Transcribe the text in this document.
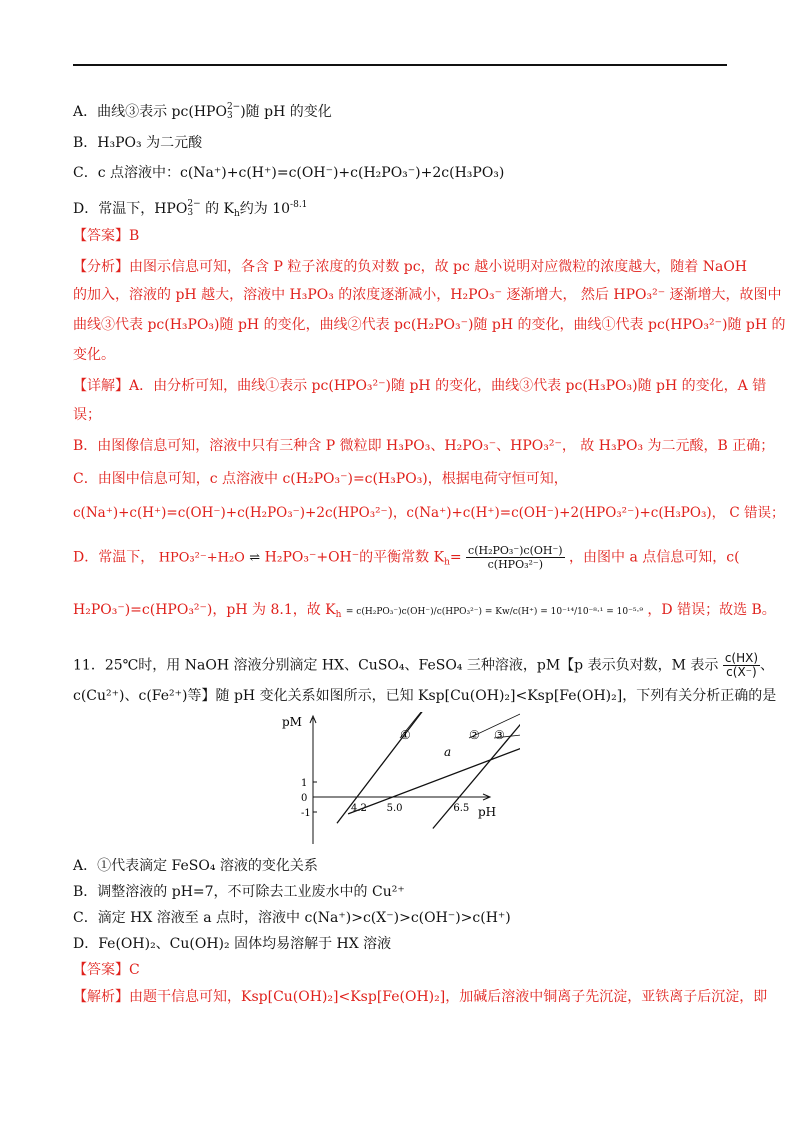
A．曲线③表示 pc(HPO2−
3 )随 pH 的变化
B．H₃PO₃ 为二元酸
C．c 点溶液中：c(Na⁺)+c(H⁺)=c(OH⁻)+c(H₂PO₃⁻)+2c(H₃PO₃)
D．常温下，HPO2−
3 的 $K_h$约为 $10^{-8.1}$
【答案】B
【分析】由图示信息可知，各含 P 粒子浓度的负对数 pc，故 pc 越小说明对应微粒的浓度越大，随着 NaOH
的加入，溶液的 pH 越大，溶液中 H₃PO₃ 的浓度逐渐减小，H₂PO₃⁻ 逐渐增大， 然后 HPO₃²⁻ 逐渐增大，故图中
曲线③代表 pc(H₃PO₃)随 pH 的变化，曲线②代表 pc(H₂PO₃⁻)随 pH 的变化，曲线①代表 pc(HPO₃²⁻)随 pH 的
变化。
【详解】A．由分析可知，曲线①表示 pc(HPO₃²⁻)随 pH 的变化，曲线③代表 pc(H₃PO₃)随 pH 的变化，A 错
误；
B．由图像信息可知，溶液中只有三种含 P 微粒即 H₃PO₃、H₂PO₃⁻、HPO₃²⁻， 故 H₃PO₃ 为二元酸，B 正确；
C．由图中信息可知，c 点溶液中 c(H₂PO₃⁻)=c(H₃PO₃)，根据电荷守恒可知，
c(Na⁺)+c(H⁺)=c(OH⁻)+c(H₂PO₃⁻)+2c(HPO₃²⁻)，c(Na⁺)+c(H⁺)=c(OH⁻)+2(HPO₃²⁻)+c(H₃PO₃)， C 错误；
D．常温下， HPO₃²⁻+H₂O ⇌ H₂PO₃⁻+OH⁻的平衡常数 $K_h= \frac{\text{c(H₂PO₃⁻)c(OH⁻)}}{\text{c(HPO₃²⁻)}}$ ，由图中 a 点信息可知，c(
H₂PO₃⁻)=c(HPO₃²⁻)，pH 为 8.1，故 $K_h = c(H_2PO_3^-)c(OH^-)/c(HPO_3^{2-}) = Kw/c(H^+) = 10^{-14}/10^{-8}\cdot^1 = 10^{-5}\cdot^9$ ，D 错误；故选 B。
11．25℃时，用 NaOH 溶液分别滴定 HX、CuSO₄、FeSO₄ 三种溶液，pM【p 表示负对数，M 表示 $\frac{c(HX)}{c(X^-)}$ 、
c(Cu²⁺)、c(Fe²⁺)等】随 pH 变化关系如图所示，已知 Ksp[Cu(OH)₂]<Ksp[Fe(OH)₂]，下列有关分析正确的是
pM
pH
1
0
-1	4.2 5.0	6.5
①	② ③
a
A．①代表滴定 FeSO₄ 溶液的变化关系
B．调整溶液的 pH=7，不可除去工业废水中的 Cu²⁺
C．滴定 HX 溶液至 a 点时，溶液中 c(Na⁺)>c(X⁻)>c(OH⁻)>c(H⁺)
D．Fe(OH)₂、Cu(OH)₂ 固体均易溶解于 HX 溶液
【答案】C
【解析】由题干信息可知，Ksp[Cu(OH)₂]<Ksp[Fe(OH)₂]，加碱后溶液中铜离子先沉淀，亚铁离子后沉淀，即
